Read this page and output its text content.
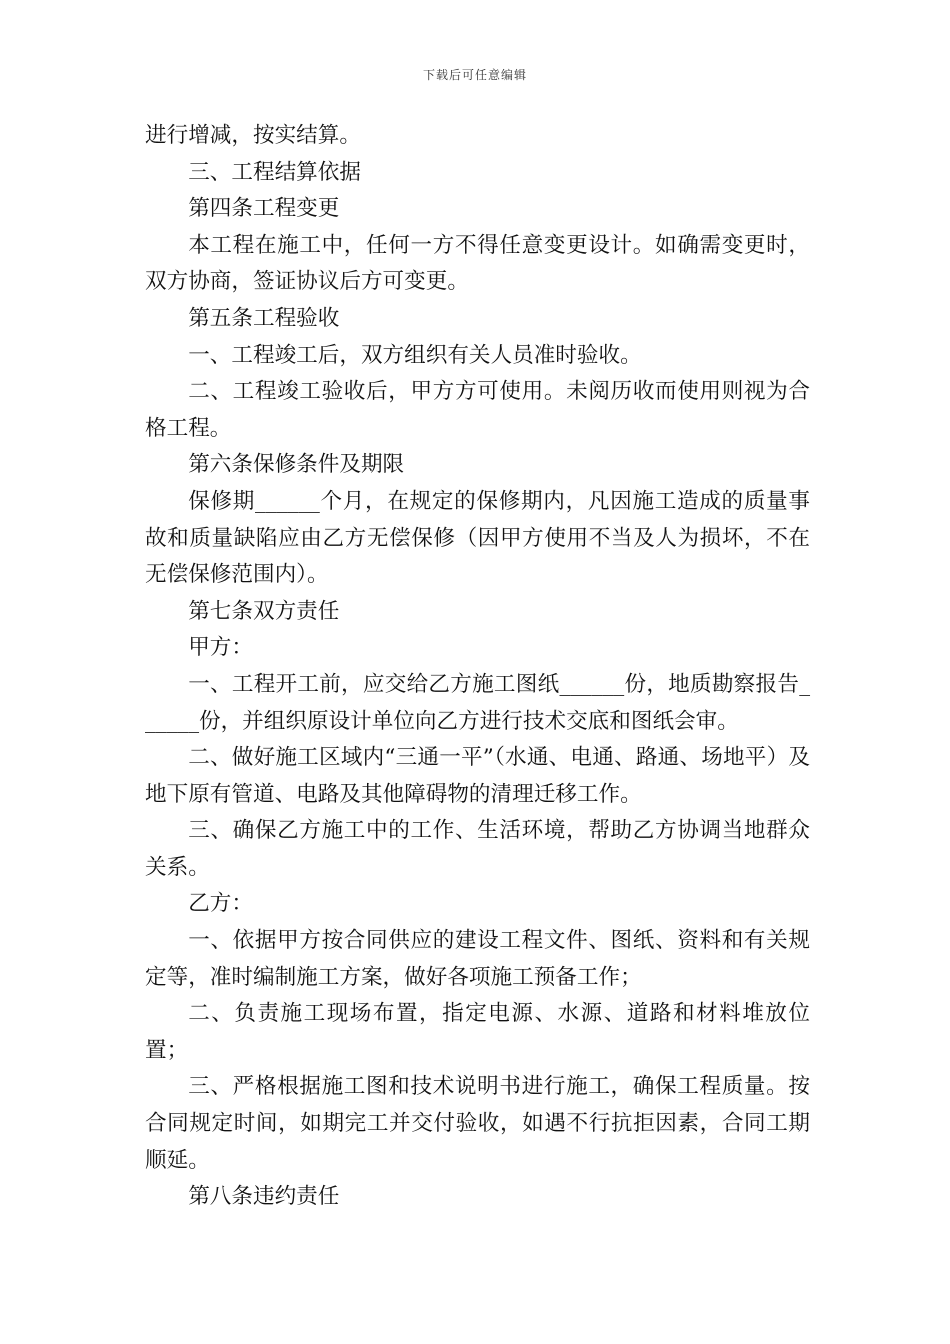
下载后可任意编辑

进行增减，按实结算。

三、工程结算依据

第四条工程变更

本工程在施工中，任何一方不得任意变更设计。如确需变更时，双方协商，签证协议后方可变更。

第五条工程验收

一、工程竣工后，双方组织有关人员准时验收。

二、工程竣工验收后，甲方方可使用。未阅历收而使用则视为合格工程。

第六条保修条件及期限

保修期______个月，在规定的保修期内，凡因施工造成的质量事故和质量缺陷应由乙方无偿保修（因甲方使用不当及人为损坏，不在无偿保修范围内）。

第七条双方责任

甲方：

一、工程开工前，应交给乙方施工图纸______份，地质勘察报告______份，并组织原设计单位向乙方进行技术交底和图纸会审。

二、做好施工区域内“三通一平”（水通、电通、路通、场地平）及地下原有管道、电路及其他障碍物的清理迁移工作。

三、确保乙方施工中的工作、生活环境，帮助乙方协调当地群众关系。

乙方：

一、依据甲方按合同供应的建设工程文件、图纸、资料和有关规定等，准时编制施工方案，做好各项施工预备工作；

二、负责施工现场布置，指定电源、水源、道路和材料堆放位置；

三、严格根据施工图和技术说明书进行施工，确保工程质量。按合同规定时间，如期完工并交付验收，如遇不行抗拒因素，合同工期顺延。

第八条违约责任
